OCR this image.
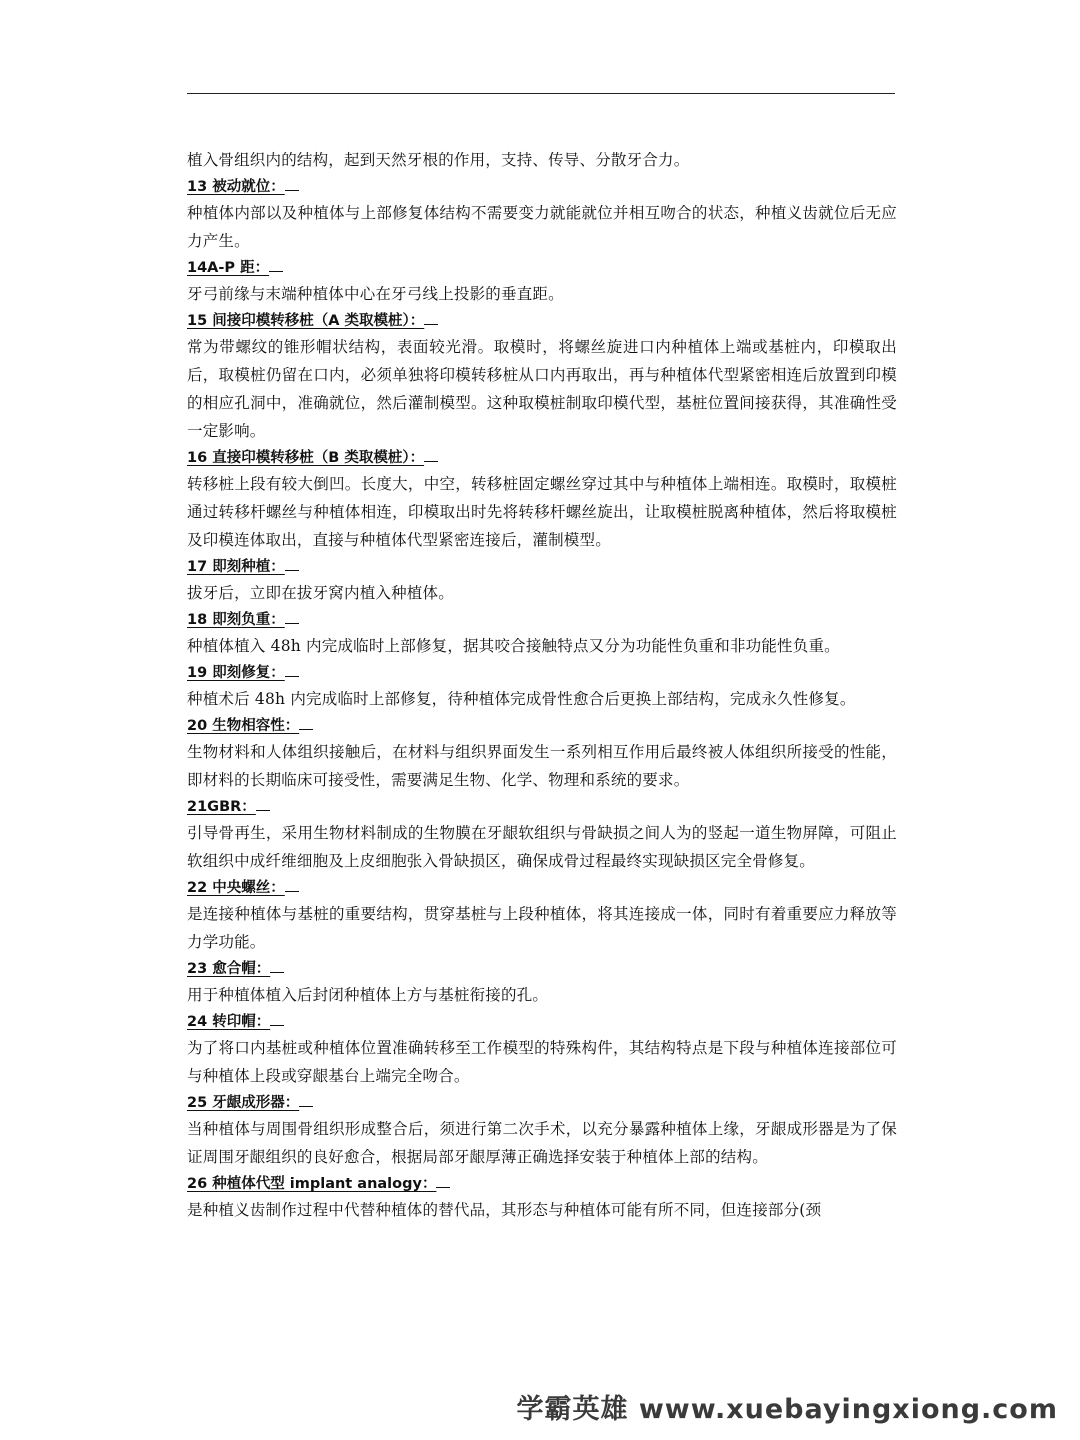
植入骨组织内的结构，起到天然牙根的作用，支持、传导、分散牙合力。

13 被动就位：

种植体内部以及种植体与上部修复体结构不需要变力就能就位并相互吻合的状态，种植义齿就位后无应力产生。

14A-P 距：

牙弓前缘与末端种植体中心在牙弓线上投影的垂直距。

15 间接印模转移桩（A 类取模桩）：

常为带螺纹的锥形帽状结构，表面较光滑。取模时，将螺丝旋进口内种植体上端或基桩内，印模取出后，取模桩仍留在口内，必须单独将印模转移桩从口内再取出，再与种植体代型紧密相连后放置到印模的相应孔洞中，准确就位，然后灌制模型。这种取模桩制取印模代型，基桩位置间接获得，其准确性受一定影响。

16 直接印模转移桩（B 类取模桩）：

转移桩上段有较大倒凹。长度大，中空，转移桩固定螺丝穿过其中与种植体上端相连。取模时，取模桩通过转移杆螺丝与种植体相连，印模取出时先将转移杆螺丝旋出，让取模桩脱离种植体，然后将取模桩及印模连体取出，直接与种植体代型紧密连接后，灌制模型。

17 即刻种植：

拔牙后，立即在拔牙窝内植入种植体。

18 即刻负重：

种植体植入 48h 内完成临时上部修复，据其咬合接触特点又分为功能性负重和非功能性负重。

19 即刻修复：

种植术后 48h 内完成临时上部修复，待种植体完成骨性愈合后更换上部结构，完成永久性修复。

20 生物相容性：

生物材料和人体组织接触后，在材料与组织界面发生一系列相互作用后最终被人体组织所接受的性能，即材料的长期临床可接受性，需要满足生物、化学、物理和系统的要求。

21GBR：

引导骨再生，采用生物材料制成的生物膜在牙龈软组织与骨缺损之间人为的竖起一道生物屏障，可阻止软组织中成纤维细胞及上皮细胞张入骨缺损区，确保成骨过程最终实现缺损区完全骨修复。

22 中央螺丝：

是连接种植体与基桩的重要结构，贯穿基桩与上段种植体，将其连接成一体，同时有着重要应力释放等力学功能。

23 愈合帽：

用于种植体植入后封闭种植体上方与基桩衔接的孔。

24 转印帽：

为了将口内基桩或种植体位置准确转移至工作模型的特殊构件，其结构特点是下段与种植体连接部位可与种植体上段或穿龈基台上端完全吻合。

25 牙龈成形器：

当种植体与周围骨组织形成整合后，须进行第二次手术，以充分暴露种植体上缘，牙龈成形器是为了保证周围牙龈组织的良好愈合，根据局部牙龈厚薄正确选择安装于种植体上部的结构。

26 种植体代型 implant analogy：

是种植义齿制作过程中代替种植体的替代品，其形态与种植体可能有所不同，但连接部分(颈

学霸英雄 www.xuebayingxiong.com
